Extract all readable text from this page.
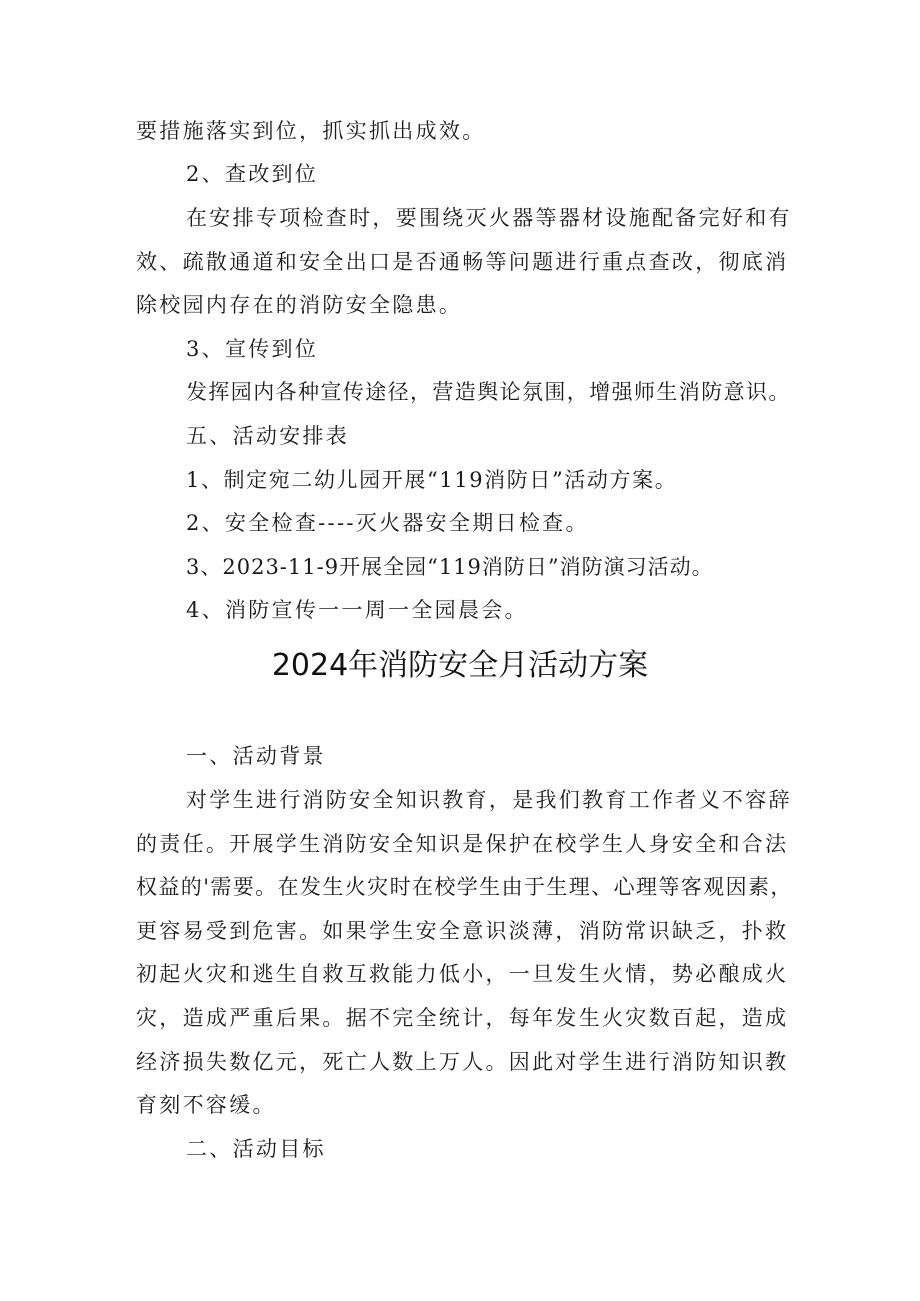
要措施落实到位，抓实抓出成效。
2、查改到位
在安排专项检查时，要围绕灭火器等器材设施配备完好和有
效、疏散通道和安全出口是否通畅等问题进行重点查改，彻底消
除校园内存在的消防安全隐患。
3、宣传到位
发挥园内各种宣传途径，营造舆论氛围，增强师生消防意识。
五、活动安排表
1、制定宛二幼儿园开展“119消防日”活动方案。
2、安全检查----灭火器安全期日检查。
3、2023-11-9开展全园“119消防日”消防演习活动。
4、消防宣传一一周一全园晨会。
2024年消防安全月活动方案
一、活动背景
对学生进行消防安全知识教育，是我们教育工作者义不容辞
的责任。开展学生消防安全知识是保护在校学生人身安全和合法
权益的'需要。在发生火灾时在校学生由于生理、心理等客观因素，
更容易受到危害。如果学生安全意识淡薄，消防常识缺乏，扑救
初起火灾和逃生自救互救能力低小，一旦发生火情，势必酿成火
灾，造成严重后果。据不完全统计，每年发生火灾数百起，造成
经济损失数亿元，死亡人数上万人。因此对学生进行消防知识教
育刻不容缓。
二、活动目标
